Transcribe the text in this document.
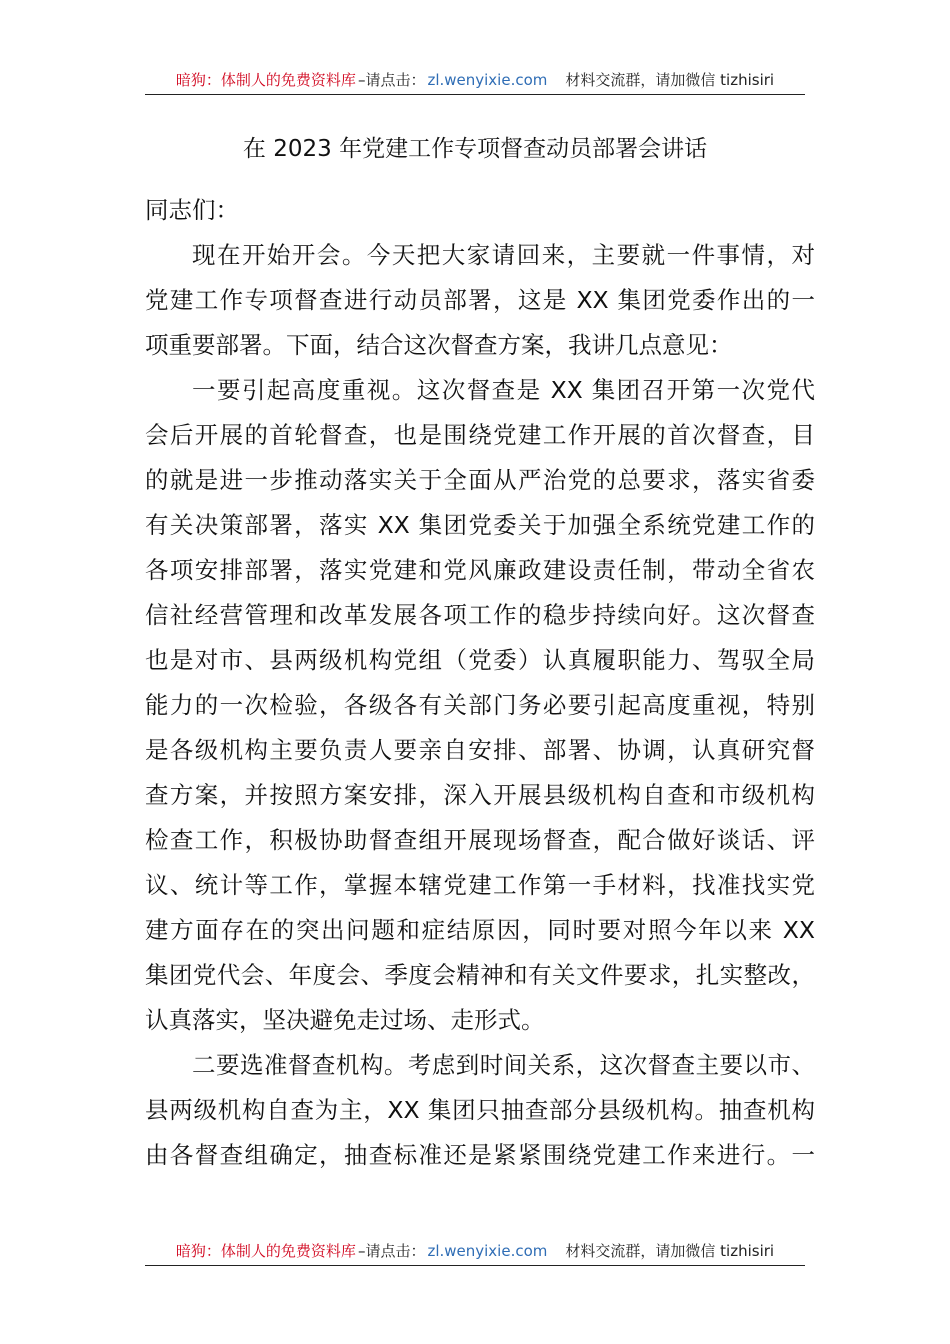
暗狗：体制人的免费资料库 –请点击： zl.wenyixie.com 材料交流群，请加微信 tizhisiri
在 2023 年党建工作专项督查动员部署会讲话

同志们：

现在开始开会。今天把大家请回来，主要就一件事情，对
党建工作专项督查进行动员部署，这是 XX 集团党委作出的一
项重要部署。下面，结合这次督查方案，我讲几点意见：

一要引起高度重视。这次督查是 XX 集团召开第一次党代
会后开展的首轮督查，也是围绕党建工作开展的首次督查，目
的就是进一步推动落实关于全面从严治党的总要求，落实省委
有关决策部署，落实 XX 集团党委关于加强全系统党建工作的
各项安排部署，落实党建和党风廉政建设责任制，带动全省农
信社经营管理和改革发展各项工作的稳步持续向好。这次督查
也是对市、县两级机构党组（党委）认真履职能力、驾驭全局
能力的一次检验，各级各有关部门务必要引起高度重视，特别
是各级机构主要负责人要亲自安排、部署、协调，认真研究督
查方案，并按照方案安排，深入开展县级机构自查和市级机构
检查工作，积极协助督查组开展现场督查，配合做好谈话、评
议、统计等工作，掌握本辖党建工作第一手材料，找准找实党
建方面存在的突出问题和症结原因，同时要对照今年以来 XX
集团党代会、年度会、季度会精神和有关文件要求，扎实整改，
认真落实，坚决避免走过场、走形式。

二要选准督查机构。考虑到时间关系，这次督查主要以市、
县两级机构自查为主，XX 集团只抽查部分县级机构。抽查机构
由各督查组确定，抽查标准还是紧紧围绕党建工作来进行。一

暗狗：体制人的免费资料库 –请点击： zl.wenyixie.com 材料交流群，请加微信 tizhisiri
